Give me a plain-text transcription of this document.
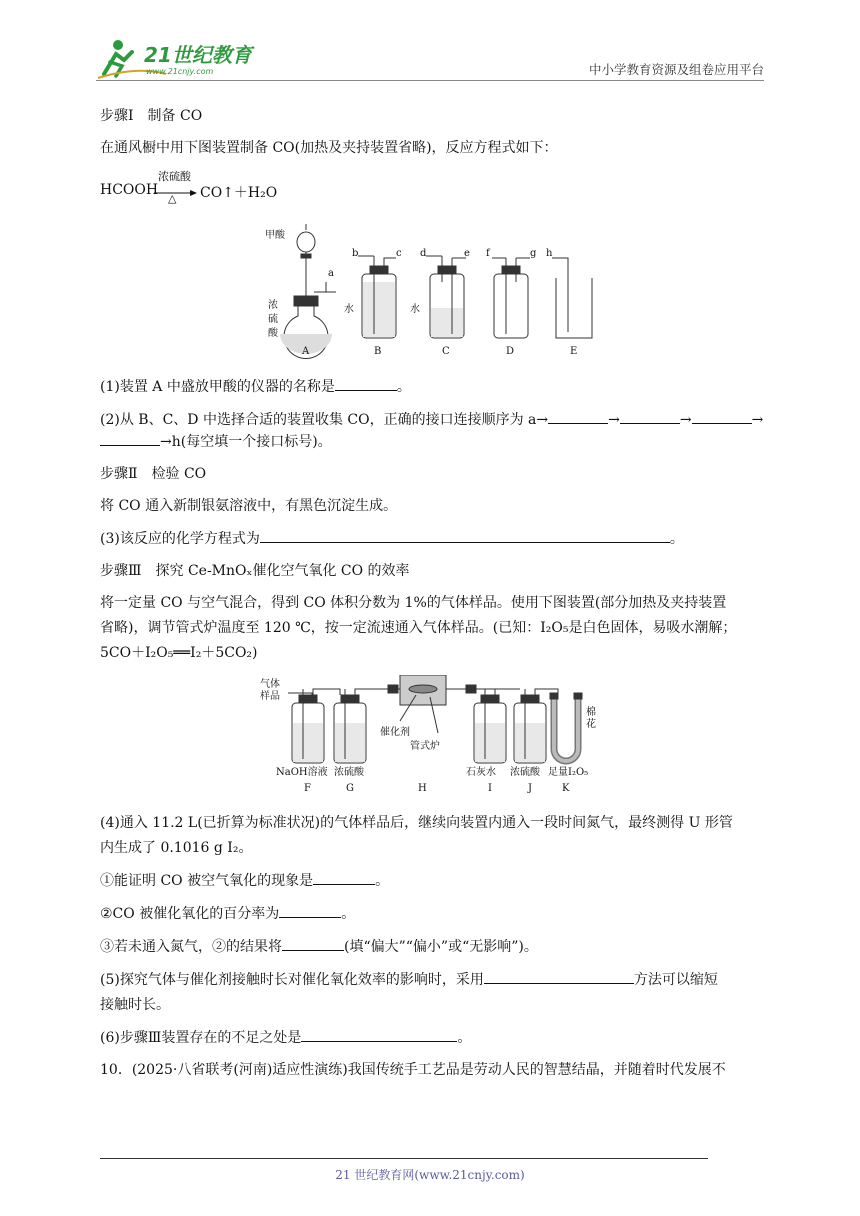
21世纪教育
www.21cnjy.com	中小学教育资源及组卷应用平台

步骤Ⅰ　制备 CO

在通风橱中用下图装置制备 CO(加热及夹持装置省略)，反应方程式如下：

HCOOH
浓硫酸
△ CO↑＋H₂O
甲酸
浓
硫
酸
水	水
a
b	c d	e f	g h
A	B	C	D	E

(1)装置 A 中盛放甲酸的仪器的名称是	。

(2)从 B、C、D 中选择合适的装置收集 CO，正确的接口连接顺序为 a→	→	→	→→h(每空填一个接口标号)。

步骤Ⅱ　检验 CO

将 CO 通入新制银氨溶液中，有黑色沉淀生成。

(3)该反应的化学方程式为	。

步骤Ⅲ　探究 Ce-MnOₓ催化空气氧化 CO 的效率

将一定量 CO 与空气混合，得到 CO 体积分数为 1%的气体样品。使用下图装置(部分加热及夹持装置

省略)，调节管式炉温度至 120 ℃，按一定流速通入气体样品。(已知：I₂O₅是白色固体，易吸水潮解；

5CO＋I₂O₅══I₂＋5CO₂)

气体
样品
NaOH溶液 浓硫酸
催化剂
管式炉
石灰水 浓硫酸 足量I₂O₅
棉
花
F	G	H	I	J	K

(4)通入 11.2 L(已折算为标准状况)的气体样品后，继续向装置内通入一段时间氮气，最终测得 U 形管

内生成了 0.1016 g I₂。

①能证明 CO 被空气氧化的现象是	。

②CO 被催化氧化的百分率为	。

③若未通入氮气，②的结果将	(填“偏大”“偏小”或“无影响”)。

(5)探究气体与催化剂接触时长对催化氧化效率的影响时，采用	方法可以缩短

接触时长。

(6)步骤Ⅲ装置存在的不足之处是	。

10．(2025·八省联考(河南)适应性演练)我国传统手工艺品是劳动人民的智慧结晶，并随着时代发展不

21 世纪教育网(www.21cnjy.com)
